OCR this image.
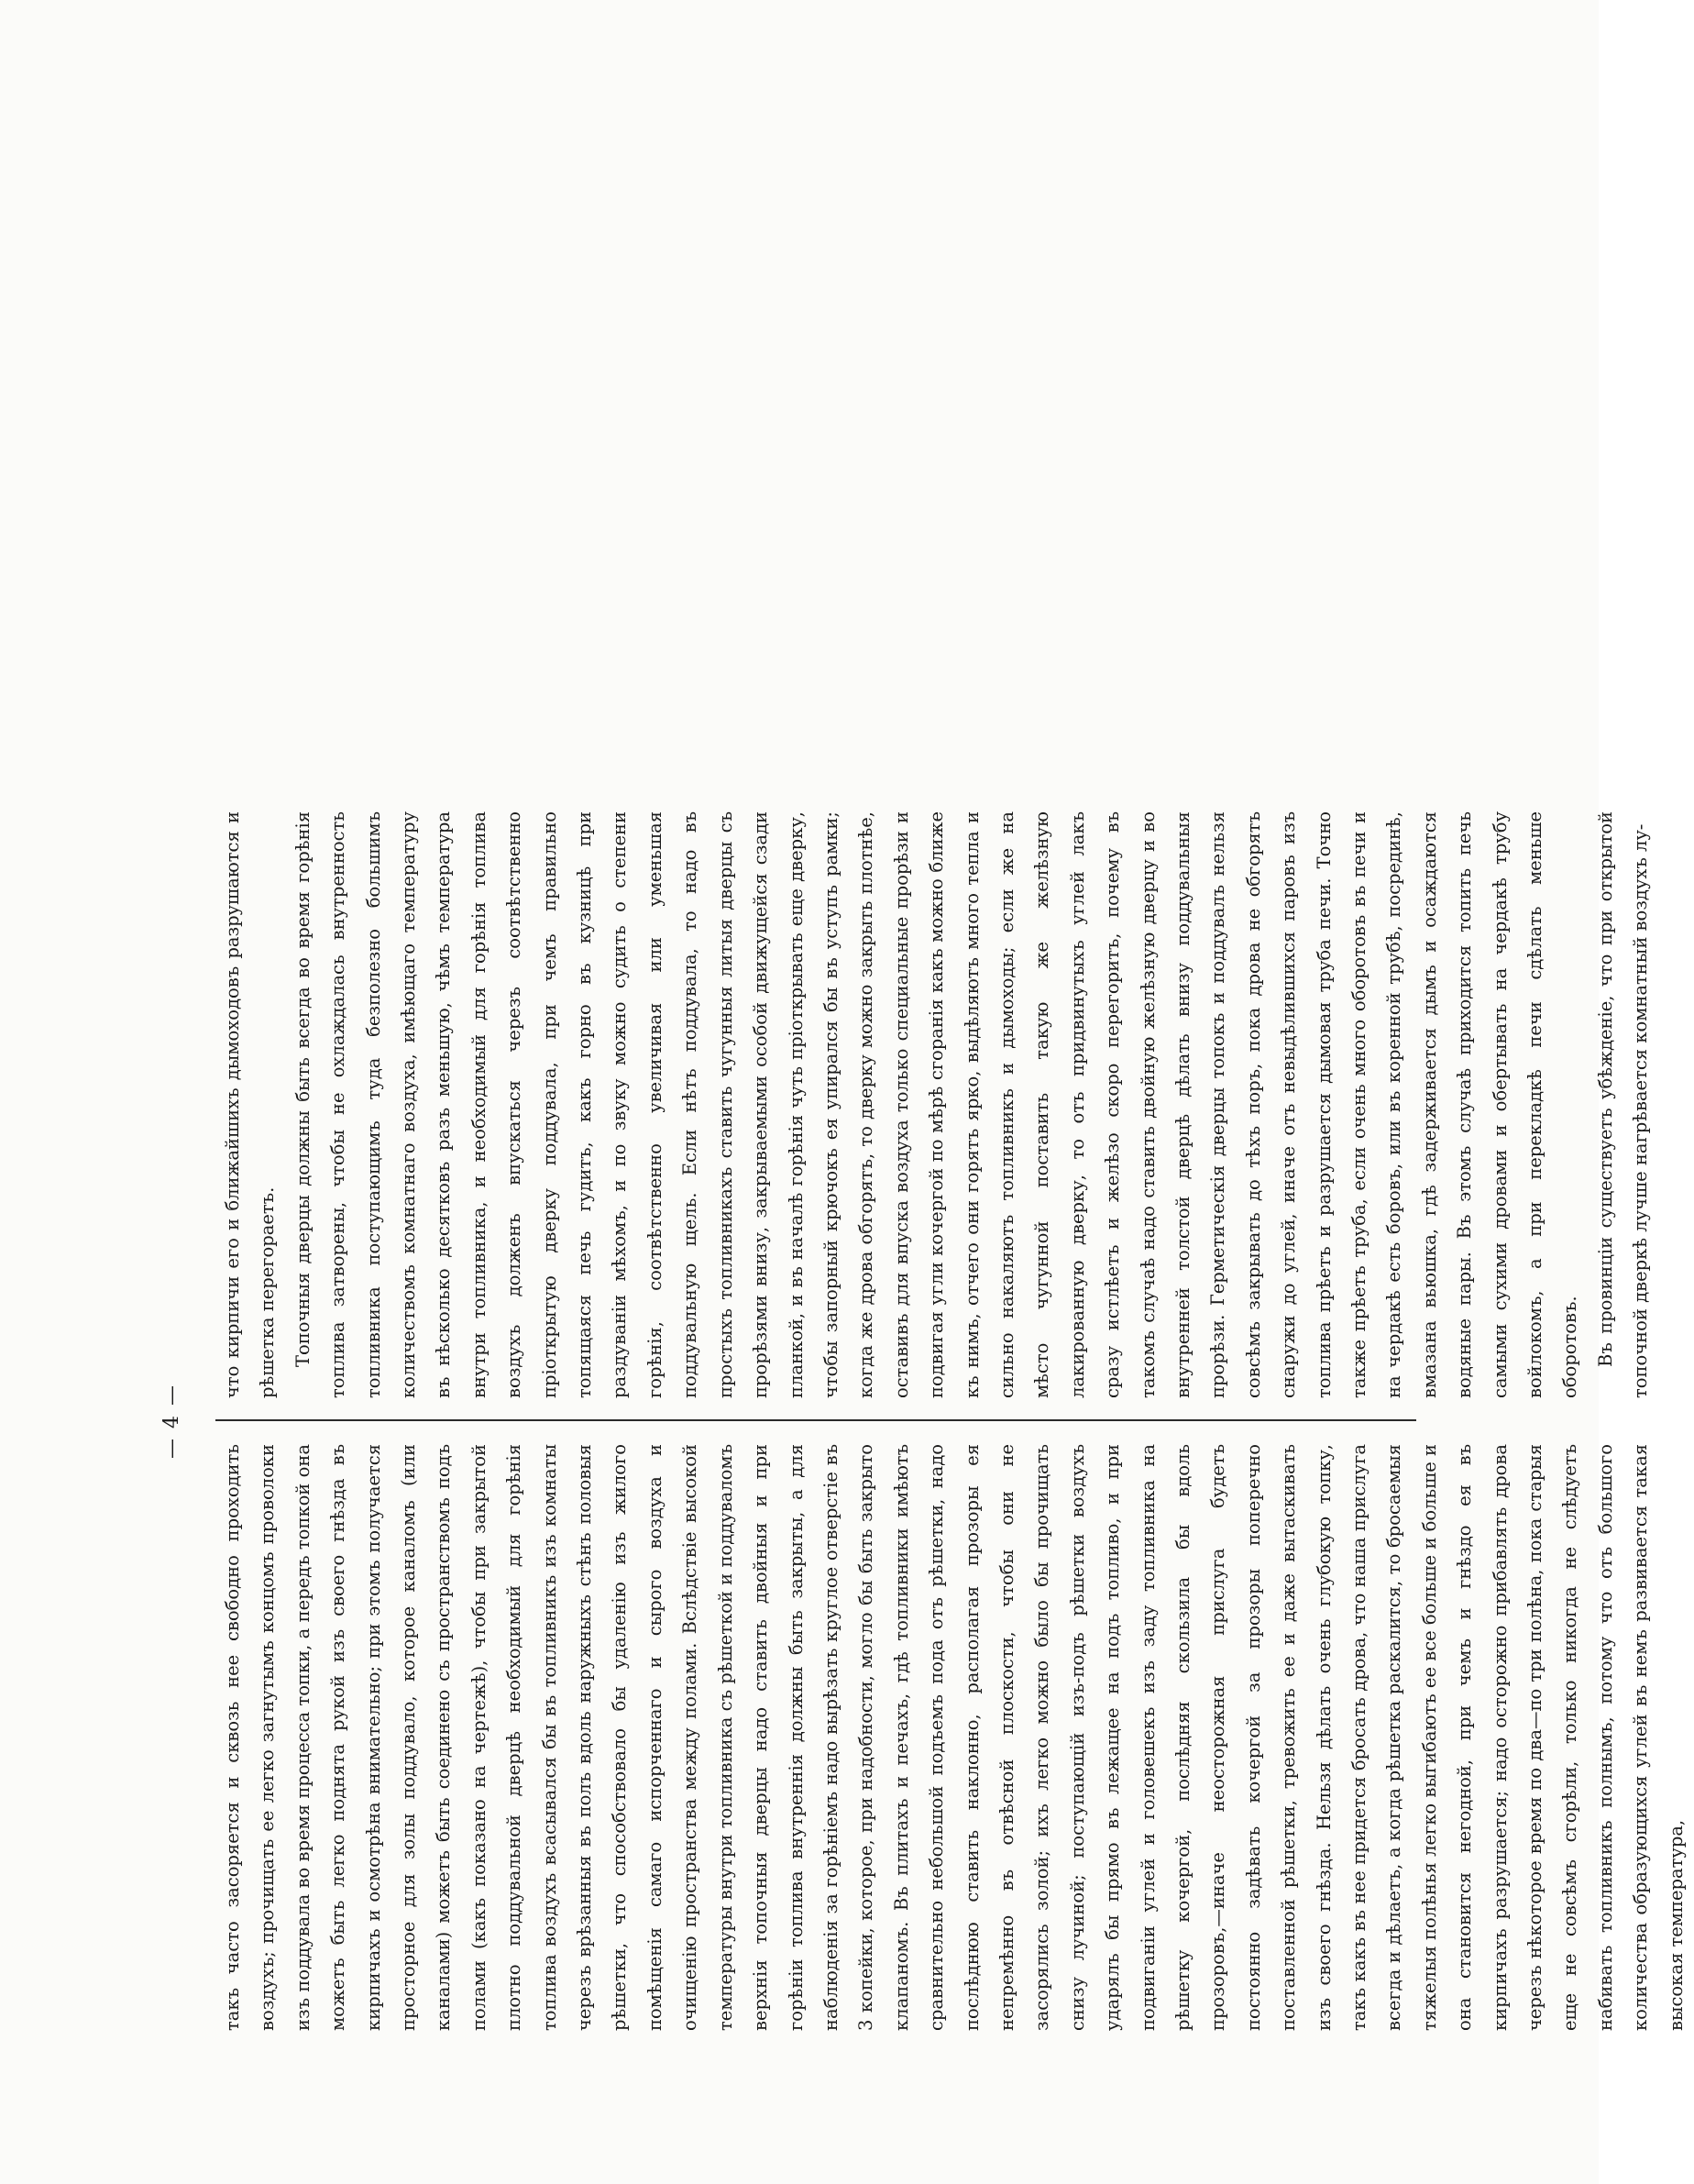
— 4 —

такъ часто засоряется и сквозь нее свободно проходить воздухъ; прочищать ее легко загнутымъ концомъ проволоки изъ поддувала во время процесса топки, а передъ топкой она можетъ быть легко поднята рукой изъ своего гнѣзда въ кирпичахъ и осмотрѣна внимательно; при этомъ получается просторное для золы поддувало, которое каналомъ (или каналами) можетъ быть соединено съ пространствомъ подъ полами (какъ показано на чертежѣ), чтобы при закрытой плотно поддувальной дверцѣ необходимый для горѣнія топлива воздухъ всасывался бы въ топливникъ изъ комнаты черезъ врѣзанныя въ полъ вдоль наружныхъ стѣнъ половыя рѣшетки, что способствовало бы удаленію изъ жилого помѣщенія самаго испорченнаго и сырого воздуха и очищенію пространства между полами. Вслѣдствіе высокой температуры внутри топливника съ рѣшеткой и поддуваломъ верхнія топочныя дверцы надо ставить двойныя и при горѣніи топлива внутреннія должны быть закрыты, а для наблюденія за горѣніемъ надо вырѣзать круглое отверстіе въ 3 копейки, которое, при надобности, могло бы быть закрыто клапаномъ. Въ плитахъ и печахъ, гдѣ топливники имѣютъ сравнительно небольшой подъемъ пода отъ рѣшетки, надо послѣднюю ставить наклонно, располагая прозоры ея непремѣнно въ отвѣсной плоскости, чтобы они не засорялись золой; ихъ легко можно было бы прочищать снизу лучиной; поступающій изъ-подъ рѣшетки воздухъ ударялъ бы прямо въ лежащее на подъ топливо, и при подвиганіи углей и головешекъ изъ заду топливника на рѣшетку кочергой, послѣдняя скользила бы вдоль прозоровъ,—иначе неосторожная прислуга будетъ постоянно задѣвать кочергой за прозоры поперечно поставленной рѣшетки, тревожить ее и даже вытаскивать изъ своего гнѣзда. Нельзя дѣлать очень глубокую топку, такъ какъ въ нее придется бросать дрова, что наша прислуга всегда и дѣлаетъ, а когда рѣшетка раскалится, то бросаемыя тяжелыя полѣнья легко выгибаютъ ее все больше и больше и она становится негодной, при чемъ и гнѣздо ея въ кирпичахъ разрушается; надо осторожно прибавлять дрова черезъ нѣкоторое время по два—по три полѣна, пока старыя еще не совсѣмъ сгорѣли, только никогда не слѣдуетъ набивать топливникъ полнымъ, потому что отъ большого количества образующихся углей въ немъ развивается такая высокая температура,

что кирпичи его и ближайшихъ дымоходовъ разрушаются и рѣшетка перегораетъ. Топочныя дверцы должны быть всегда во время горѣнія топлива затворены, чтобы не охлаждалась внутренность топливника поступающимъ туда безполезно большимъ количествомъ комнатнаго воздуха, имѣющаго температуру въ нѣсколько десятковъ разъ меньшую, чѣмъ температура внутри топливника, и необходимый для горѣнія топлива воздухъ долженъ впускаться черезъ соотвѣтственно пріоткрытую дверку поддувала, при чемъ правильно топящаяся печь гудитъ, какъ горно въ кузницѣ при раздуваніи мѣхомъ, и по звуку можно судить о степени горѣнія, соотвѣтственно увеличивая или уменьшая поддувальную щель. Если нѣтъ поддувала, то надо въ простыхъ топливникахъ ставить чугунныя литыя дверцы съ прорѣзями внизу, закрываемыми особой движущейся сзади планкой, и въ началѣ горѣнія чуть пріоткрывать еще дверку, чтобы запорный крючокъ ея упирался бы въ уступъ рамки; когда же дрова обгорятъ, то дверку можно закрыть плотнѣе, оставивъ для впуска воздуха только специальные прорѣзи и подвигая угли кочергой по мѣрѣ сгоранія какъ можно ближе къ нимъ, отчего они горятъ ярко, выдѣляютъ много тепла и сильно накаляютъ топливникъ и дымоходы; если же на мѣсто чугунной поставить такую же желѣзную лакированную дверку, то отъ придвинутыхъ углей лакъ сразу истлѣетъ и желѣзо скоро перегоритъ, почему въ такомъ случаѣ надо ставить двойную желѣзную дверцу и во внутренней толстой дверцѣ дѣлать внизу поддувальныя прорѣзи. Герметическія дверцы топокъ и поддувалъ нельзя совсѣмъ закрывать до тѣхъ поръ, пока дрова не обгорятъ снаружи до углей, иначе отъ невыдѣлившихся паровъ изъ топлива прѣетъ и разрушается дымовая труба печи. Точно также прѣетъ труба, если очень много оборотовъ въ печи и на чердакѣ есть боровъ, или въ коренной трубѣ, посрединѣ, вмазана вьюшка, гдѣ задерживается дымъ и осаждаются водяные пары. Въ этомъ случаѣ приходится топить печь самыми сухими дровами и обертывать на чердакѣ трубу войлокомъ, а при перекладкѣ печи сдѣлать меньше оборотовъ. Въ провинціи существуетъ убѣжденіе, что при открытой топочной дверкѣ лучше нагрѣвается комнатный воздухъ лу-
